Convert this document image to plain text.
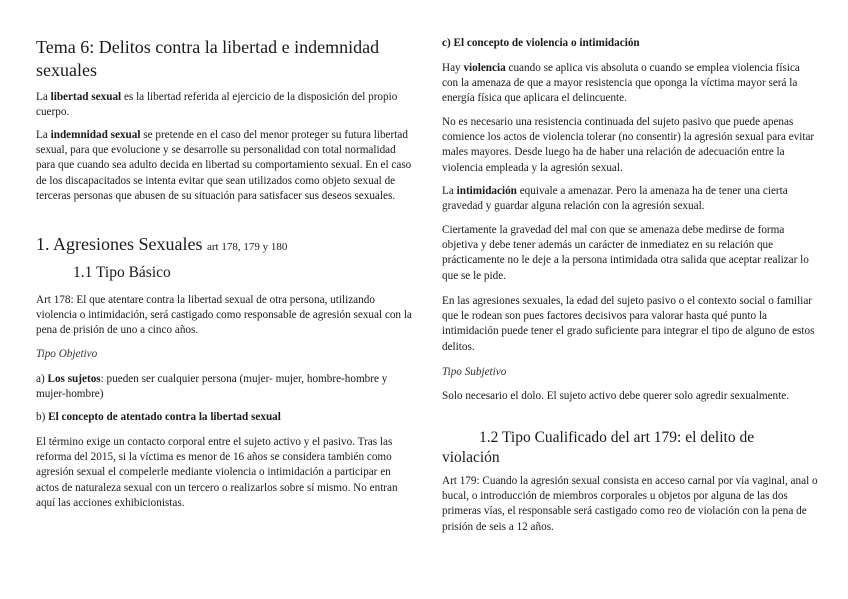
Tema 6: Delitos contra la libertad e indemnidad sexuales

La libertad sexual es la libertad referida al ejercicio de la disposición del propio cuerpo.

La indemnidad sexual se pretende en el caso del menor proteger su futura libertad sexual, para que evolucione y se desarrolle su personalidad con total normalidad para que cuando sea adulto decida en libertad su comportamiento sexual. En el caso de los discapacitados se intenta evitar que sean utilizados como objeto sexual de terceras personas que abusen de su situación para satisfacer sus deseos sexuales.

1. Agresiones Sexuales art 178, 179 y 180
1.1 Tipo Básico

Art 178: El que atentare contra la libertad sexual de otra persona, utilizando violencia o intimidación, será castigado como responsable de agresión sexual con la pena de prisión de uno a cinco años.

Tipo Objetivo

a) Los sujetos: pueden ser cualquier persona (mujer- mujer, hombre-hombre y mujer-hombre)

b) El concepto de atentado contra la libertad sexual

El término exige un contacto corporal entre el sujeto activo y el pasivo. Tras las reforma del 2015, si la víctima es menor de 16 años se considera también como agresión sexual el compelerle mediante violencia o intimidación a participar en actos de naturaleza sexual con un tercero o realizarlos sobre sí mismo. No entran aquí las acciones exhibicionistas.

c) El concepto de violencia o intimidación

Hay violencia cuando se aplica vis absoluta o cuando se emplea violencia física con la amenaza de que a mayor resistencia que oponga la víctima mayor será la energía física que aplicara el delincuente.

No es necesario una resistencia continuada del sujeto pasivo que puede apenas comience los actos de violencia tolerar (no consentir) la agresión sexual para evitar males mayores. Desde luego ha de haber una relación de adecuación entre la violencia empleada y la agresión sexual.

La intimidación equivale a amenazar. Pero la amenaza ha de tener una cierta gravedad y guardar alguna relación con la agresión sexual.

Ciertamente la gravedad del mal con que se amenaza debe medirse de forma objetiva y debe tener además un carácter de inmediatez en su relación que prácticamente no le deje a la persona intimidada otra salida que aceptar realizar lo que se le pide.

En las agresiones sexuales, la edad del sujeto pasivo o el contexto social o familiar que le rodean son pues factores decisivos para valorar hasta qué punto la intimidación puede tener el grado suficiente para integrar el tipo de alguno de estos delitos.

Tipo Subjetivo

Solo necesario el dolo. El sujeto activo debe querer solo agredir sexualmente.

1.2 Tipo Cualificado del art 179: el delito de violación

Art 179: Cuando la agresión sexual consista en acceso carnal por vía vaginal, anal o bucal, o introducción de miembros corporales u objetos por alguna de las dos primeras vías, el responsable será castigado como reo de violación con la pena de prisión de seis a 12 años.
